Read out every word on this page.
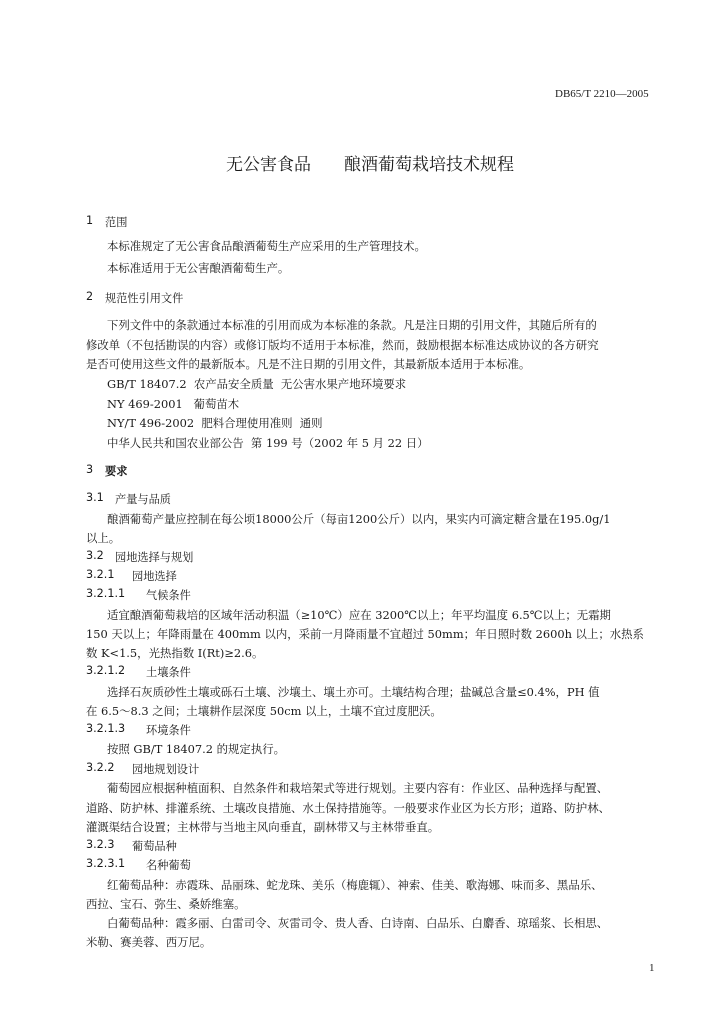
DB65/T 2210—2005
无公害食品 酿酒葡萄栽培技术规程
1 范围
本标准规定了无公害食品酿酒葡萄生产应采用的生产管理技术。
本标准适用于无公害酿酒葡萄生产。
2 规范性引用文件
下列文件中的条款通过本标准的引用而成为本标准的条款。凡是注日期的引用文件，其随后所有的
修改单（不包括勘误的内容）或修订版均不适用于本标准，然而，鼓励根据本标准达成协议的各方研究
是否可使用这些文件的最新版本。凡是不注日期的引用文件，其最新版本适用于本标准。
GB/T 18407.2  农产品安全质量  无公害水果产地环境要求
NY 469-2001   葡萄苗木
NY/T 496-2002  肥料合理使用准则  通则
中华人民共和国农业部公告  第 199 号（2002 年 5 月 22 日）
3 要求
3.1 产量与品质
酿酒葡萄产量应控制在每公顷18000公斤（每亩1200公斤）以内，果实内可滴定糖含量在195.0g/1
以上。
3.2 园地选择与规划
3.2.1 园地选择
3.2.1.1 气候条件
适宜酿酒葡萄栽培的区域年活动积温（≥10℃）应在 3200℃以上；年平均温度 6.5℃以上；无霜期
150 天以上；年降雨量在 400mm 以内，采前一月降雨量不宜超过 50mm；年日照时数 2600h 以上；水热系
数 K<1.5，光热指数 I(Rt)≥2.6。
3.2.1.2 土壤条件
选择石灰质砂性土壤或砾石土壤、沙壤土、壤土亦可。土壤结构合理；盐碱总含量≤0.4%，PH 值
在 6.5～8.3 之间；土壤耕作层深度 50cm 以上，土壤不宜过度肥沃。
3.2.1.3 环境条件
按照 GB/T 18407.2 的规定执行。
3.2.2 园地规划设计
葡萄园应根据种植面积、自然条件和栽培架式等进行规划。主要内容有：作业区、品种选择与配置、
道路、防护林、排灌系统、土壤改良措施、水土保持措施等。一般要求作业区为长方形；道路、防护林、
灌溉渠结合设置；主林带与当地主风向垂直，副林带又与主林带垂直。
3.2.3 葡萄品种
3.2.3.1 名种葡萄
红葡萄品种：赤霞珠、品丽珠、蛇龙珠、美乐（梅鹿辄）、神索、佳美、歌海娜、味而多、黑品乐、
西拉、宝石、弥生、桑娇维塞。
白葡萄品种：霞多丽、白雷司令、灰雷司令、贵人香、白诗南、白品乐、白麝香、琼瑶浆、长相思、
米勒、赛美蓉、西万尼。
1
